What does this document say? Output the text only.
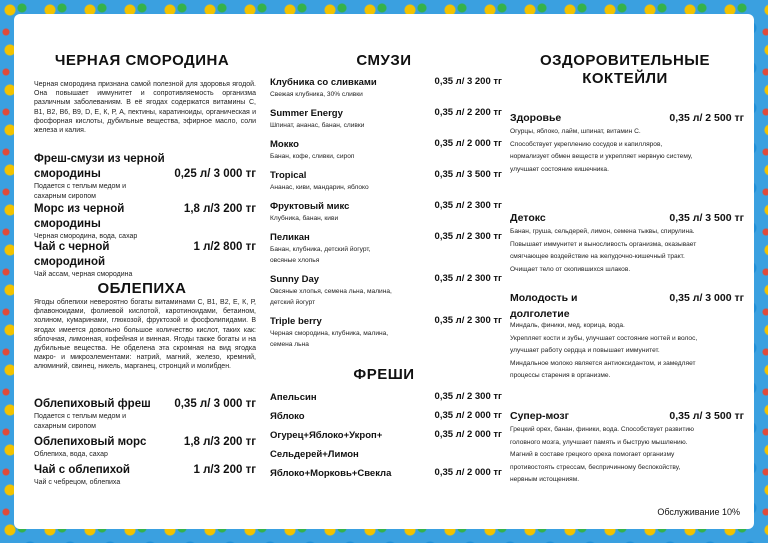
ЧЕРНАЯ СМОРОДИНА

Черная смородина признана самой полезной для здоровья ягодой. Она повышает иммунитет и сопротивляемость организма различным заболеваниям. В её ягодах содержатся витамины С, В1, В2, В6, В9, D, Е, К, Р, А, пектины, каратиноиды, органическая и фосфорная кислоты, дубильные вещества, эфирное масло, соли железа и калия.

Фреш-смузи из черной
смородины	0,25 л/ 3 000 тг
Подается с теплым медом и
сахарным сиропом
Морс из черной	1,8 л/3 200 тг
смородины
Черная смородина, вода, сахар
Чай с черной	1 л/2 800 тг
смородиной
Чай ассам, черная смородина
ОБЛЕПИХА

Ягоды облепихи невероятно богаты витаминами С, В1, В2, Е, К, Р, флавоноидами, фолиевой кислотой, каротиноидами, бетаином, холином, кумаринами, глюкозой, фруктозой и фосфолипидами. В ягодах имеется довольно большое количество кислот, таких как: яблочная, лимонная, кофейная и винная. Ягоды также богаты и на дубильные вещества. Не обделена эта скромная на вид ягодка макро- и микроэлементами: натрий, магний, железо, кремний, алюминий, свинец, никель, марганец, стронций и молибден.

Облепиховый фреш 0,35 л/ 3 000 тг
Подается с теплым медом и
сахарным сиропом
Облепиховый морс	1,8 л/3 200 тг
Облепиха, вода, сахар
Чай с облепихой	1 л/3 200 тг
Чай с чебрецом, облепиха
СМУЗИ
Клубника со сливками	0,35 л/ 3 200 тг
Свежая клубника, 30% сливки
Summer Energy	0,35 л/ 2 200 тг
Шпинат, ананас, банан, сливки
Мокко	0,35 л/ 2 000 тг
Банан, кофе, сливки, сироп
Tropical	0,35 л/ 3 500 тг
Ананас, киви, мандарин, яблоко
Фруктовый микс	0,35 л/ 2 300 тг
Клубника, банан, киви
Пеликан	0,35 л/ 2 300 тг
Банан, клубника, детский йогурт,
овсяные хлопья
Sunny Day	0,35 л/ 2 300 тг
Овсяные хлопья, семена льна, малина,
детский йогурт
Triple berry	0,35 л/ 2 300 тг
Черная смородина, клубника, малина,
семена льна
ФРЕШИ
Апельсин	0,35 л/ 2 300 тг
Яблоко	0,35 л/ 2 000 тг
Огурец+Яблоко+Укроп+	0,35 л/ 2 000 тг
Сельдерей+Лимон
Яблоко+Морковь+Свекла	0,35 л/ 2 000 тг
ОЗДОРОВИТЕЛЬНЫЕ
КОКТЕЙЛИ
Здоровье	0,35 л/ 2 500 тг
Огурцы, яблоко, лайм, шпинат, витамин С.
Способствует укреплению сосудов и капилляров,
нормализует обмен веществ и укрепляет нервную систему,
улучшает состояние кишечника.
Детокс	0,35 л/ 3 500 тг
Банан, груша, сельдерей, лимон, семена тыквы, спирулина.
Повышает иммунитет и выносливость организма, оказывает
смягчающее воздействие на желудочно-кишечный тракт.
Очищает тело от скопившихся шлаков.
Молодость и	0,35 л/ 3 000 тг
долголетие
Миндаль, финики, мед, корица, вода.
Укрепляет кости и зубы, улучшает состояние ногтей и волос,
улучшает работу сердца и повышает иммунитет.
Миндальное молоко является антиоксидантом, и замедляет
процессы старения в организме.
Супер-мозг	0,35 л/ 3 500 тг
Грецкий орех, банан, финики, вода. Способствует развитию
головного мозга, улучшает память и быструю мышлению.
Магний в составе грецкого ореха помогает организму
противостоять стрессам, беспричинному беспокойству,
нервным истощениям.
Обслуживание 10%
